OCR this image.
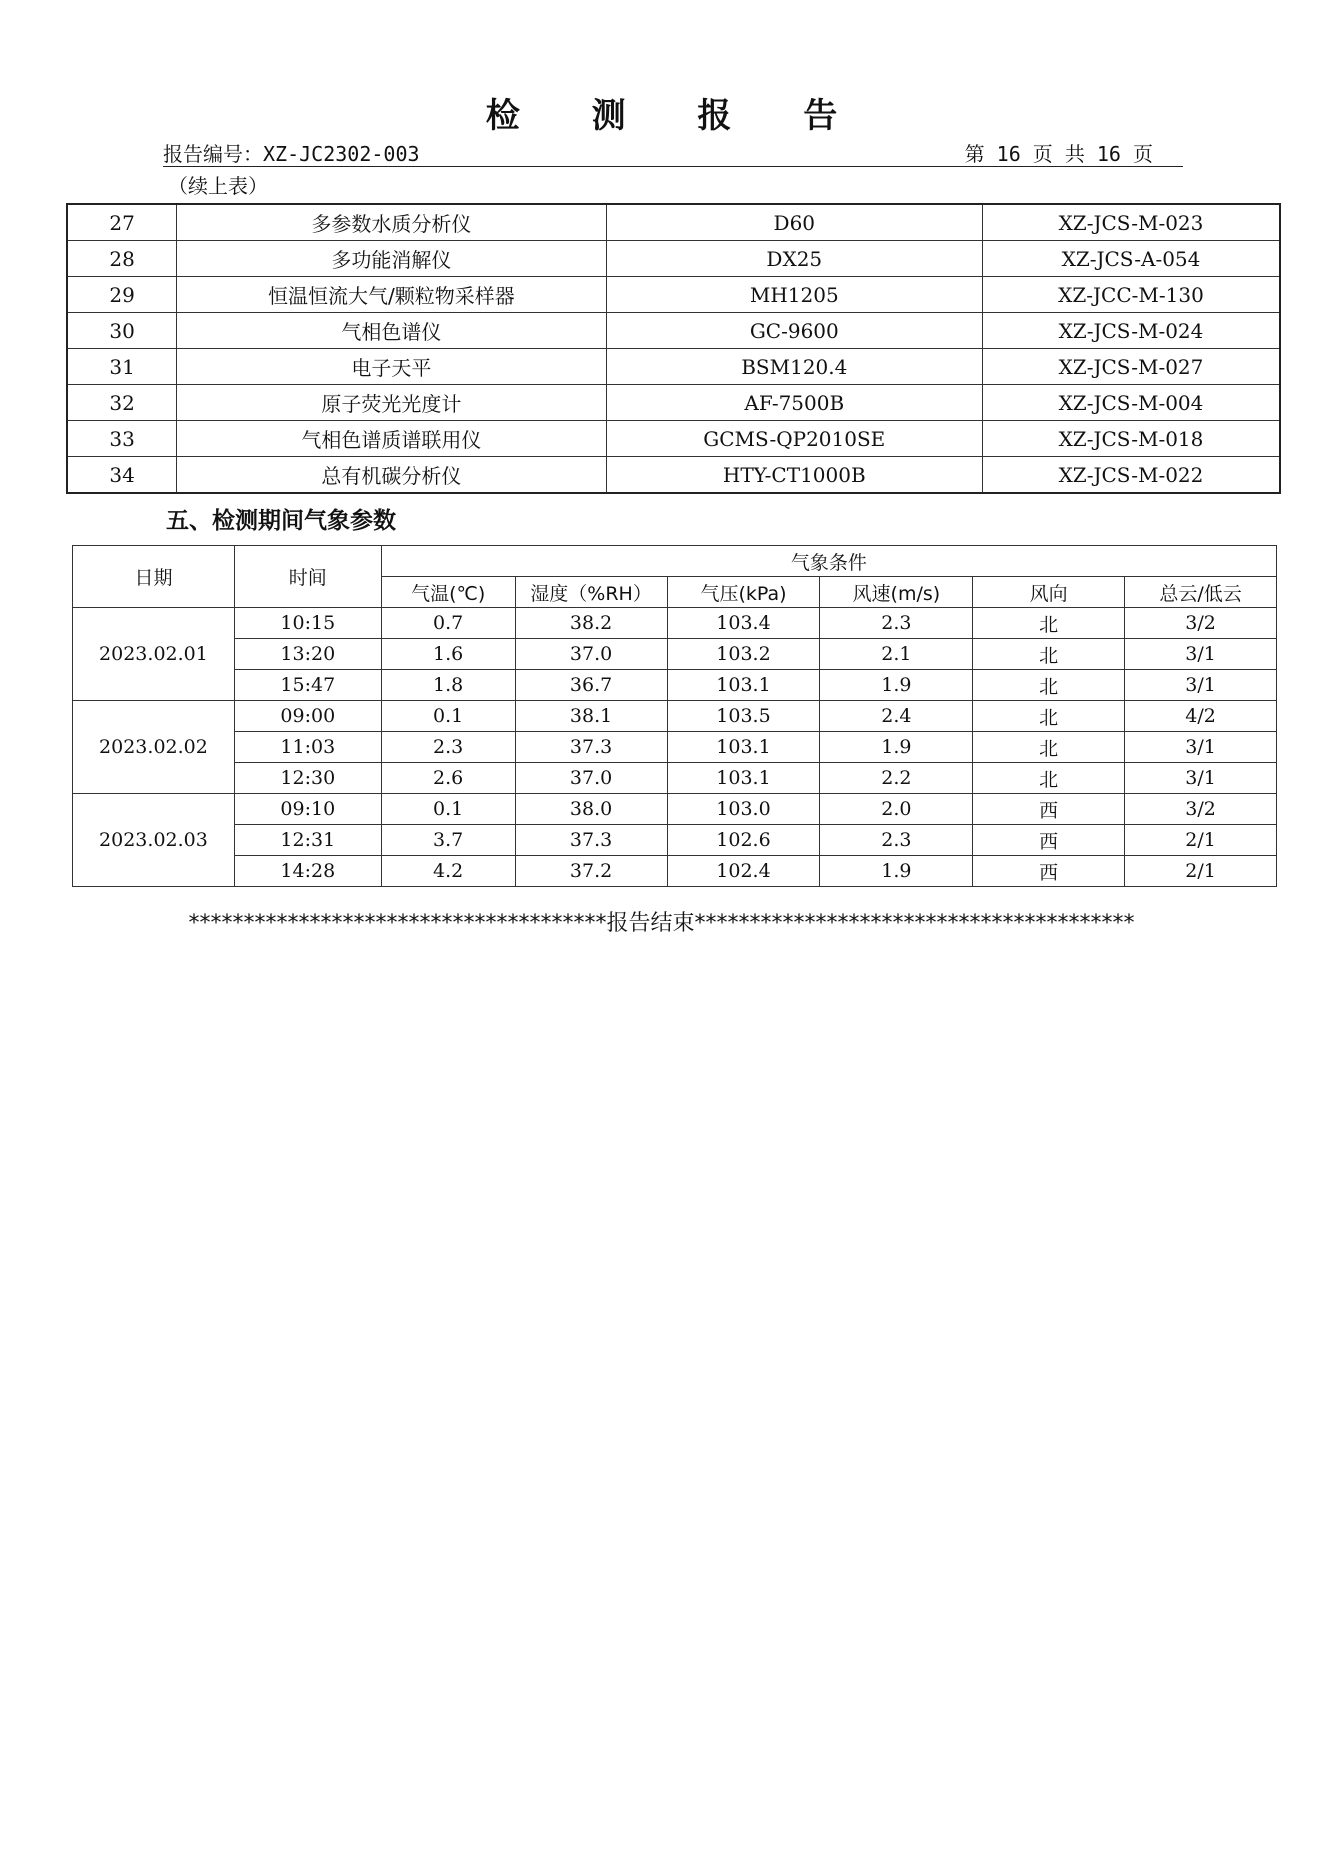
检 测 报 告
报告编号：XZ-JC2302-003	第 16 页 共 16 页
（续上表）
27	多参数水质分析仪	D60	XZ-JCS-M-023
28	多功能消解仪	DX25	XZ-JCS-A-054
29	恒温恒流大气/颗粒物采样器	MH1205	XZ-JCC-M-130
30	气相色谱仪	GC-9600	XZ-JCS-M-024
31	电子天平	BSM120.4	XZ-JCS-M-027
32	原子荧光光度计	AF-7500B	XZ-JCS-M-004
33	气相色谱质谱联用仪	GCMS-QP2010SE	XZ-JCS-M-018
34	总有机碳分析仪	HTY-CT1000B	XZ-JCS-M-022
五、检测期间气象参数
日期	时间	气象条件					
		气温(℃)	湿度（%RH）	气压(kPa)	风速(m/s)	风向	总云/低云
2023.02.01	10:15	0.7	38.2	103.4	2.3	北	3/2
	13:20	1.6	37.0	103.2	2.1	北	3/1
	15:47	1.8	36.7	103.1	1.9	北	3/1
2023.02.02	09:00	0.1	38.1	103.5	2.4	北	4/2
	11:03	2.3	37.3	103.1	1.9	北	3/1
	12:30	2.6	37.0	103.1	2.2	北	3/1
2023.02.03	09:10	0.1	38.0	103.0	2.0	西	3/2
	12:31	3.7	37.3	102.6	2.3	西	2/1
	14:28	4.2	37.2	102.4	1.9	西	2/1
**************************************报告结束****************************************
